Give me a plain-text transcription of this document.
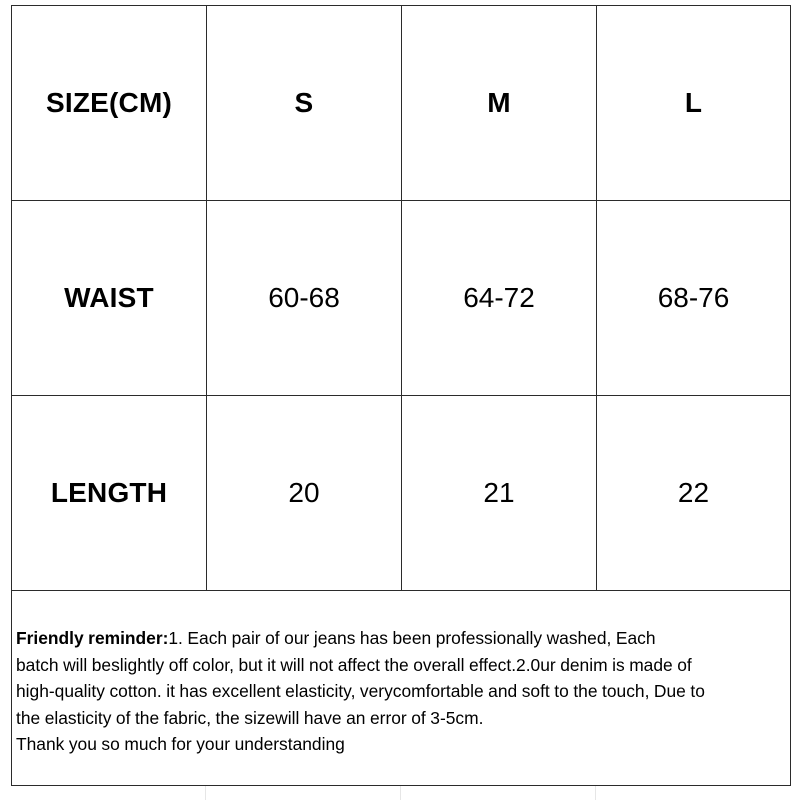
SIZE(CM)	S	M	L
WAIST	60-68	64-72	68-76
LENGTH	20	21	22

Friendly reminder:1. Each pair of our jeans has been professionally washed, Each
batch will beslightly off color, but it will not affect the overall effect.2.0ur denim is made of
high-quality cotton. it has excellent elasticity, verycomfortable and soft to the touch, Due to
the elasticity of the fabric, the sizewill have an error of 3-5cm.
Thank you so much for your understanding			
